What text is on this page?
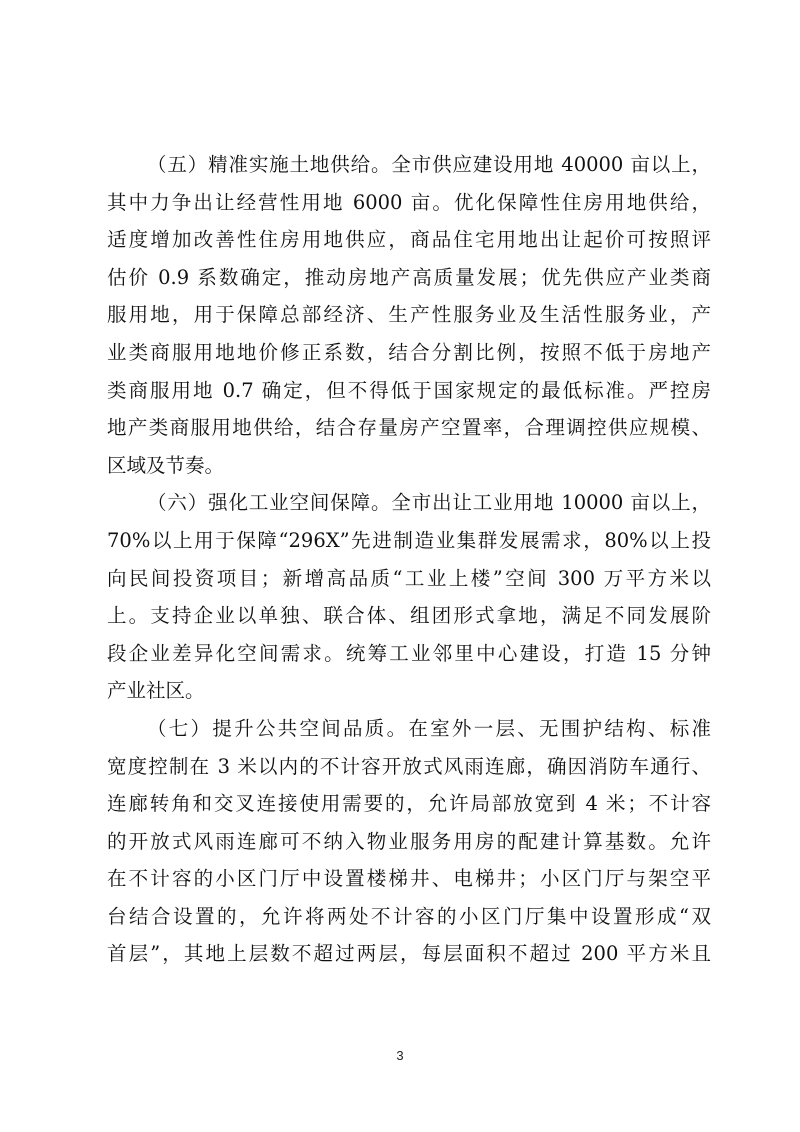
（五）精准实施土地供给。全市供应建设用地 40000 亩以上，
其中力争出让经营性用地 6000 亩。优化保障性住房用地供给，
适度增加改善性住房用地供应，商品住宅用地出让起价可按照评
估价 0.9 系数确定，推动房地产高质量发展；优先供应产业类商
服用地，用于保障总部经济、生产性服务业及生活性服务业，产
业类商服用地地价修正系数，结合分割比例，按照不低于房地产
类商服用地 0.7 确定，但不得低于国家规定的最低标准。严控房
地产类商服用地供给，结合存量房产空置率，合理调控供应规模、
区域及节奏。
（六）强化工业空间保障。全市出让工业用地 10000 亩以上，
70%以上用于保障“296X”先进制造业集群发展需求，80%以上投
向民间投资项目；新增高品质“工业上楼”空间 300 万平方米以
上。支持企业以单独、联合体、组团形式拿地，满足不同发展阶
段企业差异化空间需求。统筹工业邻里中心建设，打造 15 分钟
产业社区。
（七）提升公共空间品质。在室外一层、无围护结构、标准
宽度控制在 3 米以内的不计容开放式风雨连廊，确因消防车通行、
连廊转角和交叉连接使用需要的，允许局部放宽到 4 米；不计容
的开放式风雨连廊可不纳入物业服务用房的配建计算基数。允许
在不计容的小区门厅中设置楼梯井、电梯井；小区门厅与架空平
台结合设置的，允许将两处不计容的小区门厅集中设置形成“双
首层”，其地上层数不超过两层，每层面积不超过 200 平方米且
3
